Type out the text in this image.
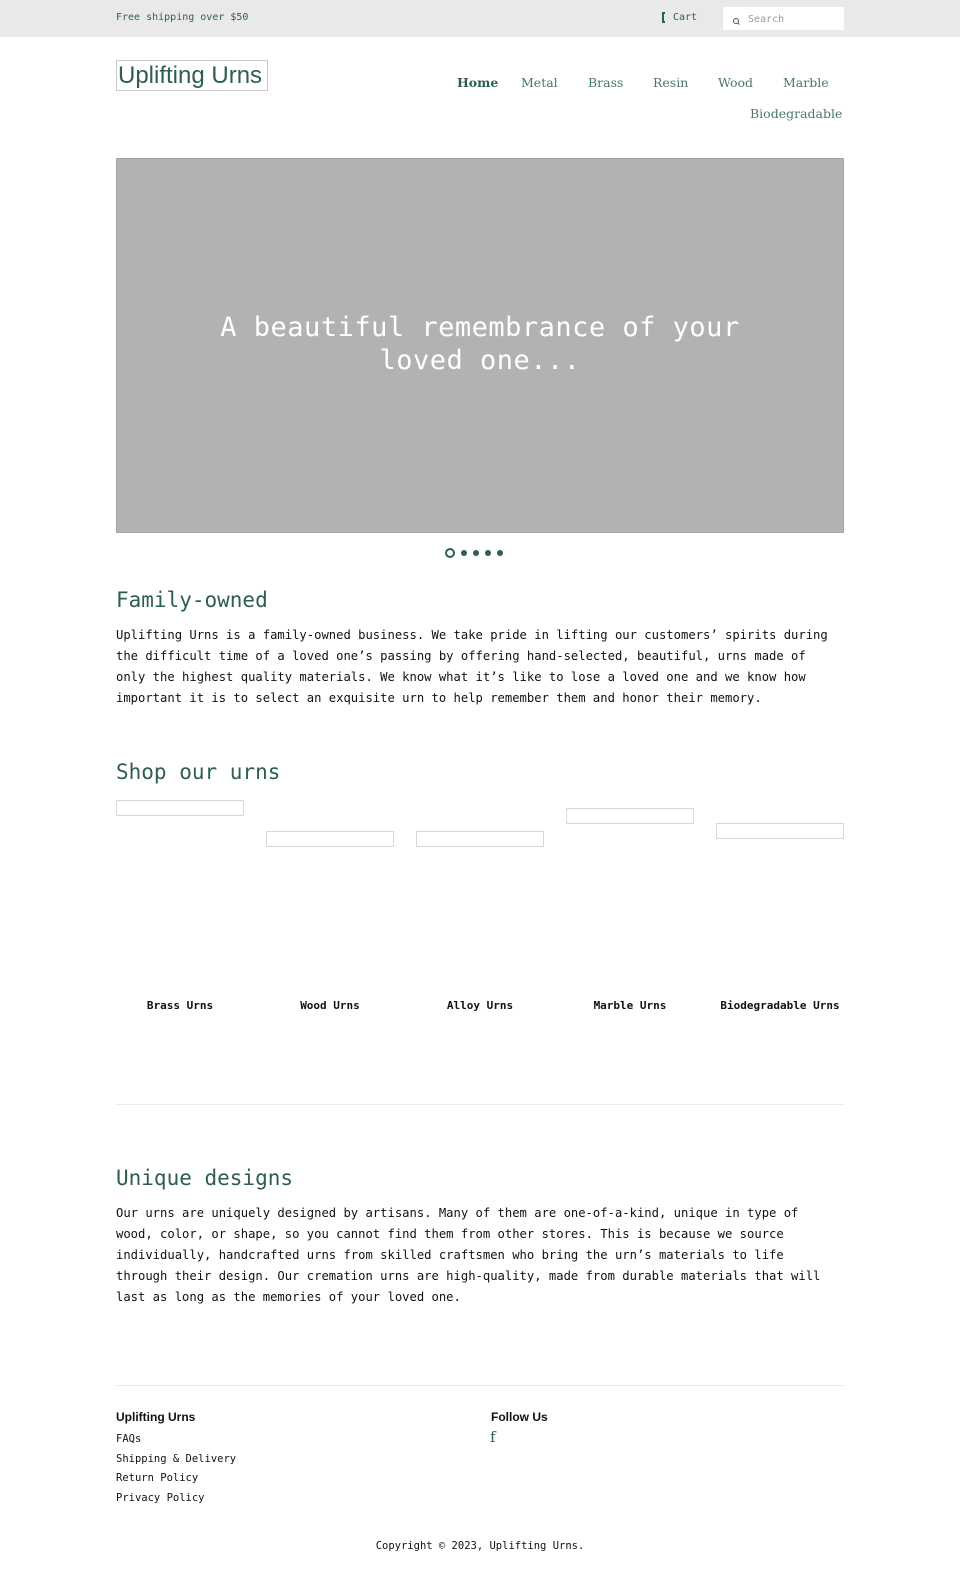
Free shipping over $50	Cart
Search
Uplifting Urns	Home Metal Brass Resin Wood Marble
Biodegradable
A beautiful remembrance of your
loved one...
Family-owned
Uplifting Urns is a family-owned business. We take pride in lifting our customers’ spirits during
the difficult time of a loved one’s passing by offering hand-selected, beautiful, urns made of
only the highest quality materials. We know what it’s like to lose a loved one and we know how
important it is to select an exquisite urn to help remember them and honor their memory.
Shop our urns
Brass Urns	Wood Urns	Alloy Urns	Marble Urns	Biodegradable Urns
Unique designs
Our urns are uniquely designed by artisans. Many of them are one-of-a-kind, unique in type of
wood, color, or shape, so you cannot find them from other stores. This is because we source
individually, handcrafted urns from skilled craftsmen who bring the urn’s materials to life
through their design. Our cremation urns are high-quality, made from durable materials that will
last as long as the memories of your loved one.
Uplifting Urns
FAQs
Shipping & Delivery
Return Policy
Privacy Policy
Follow Us
f
Copyright © 2023, Uplifting Urns.
